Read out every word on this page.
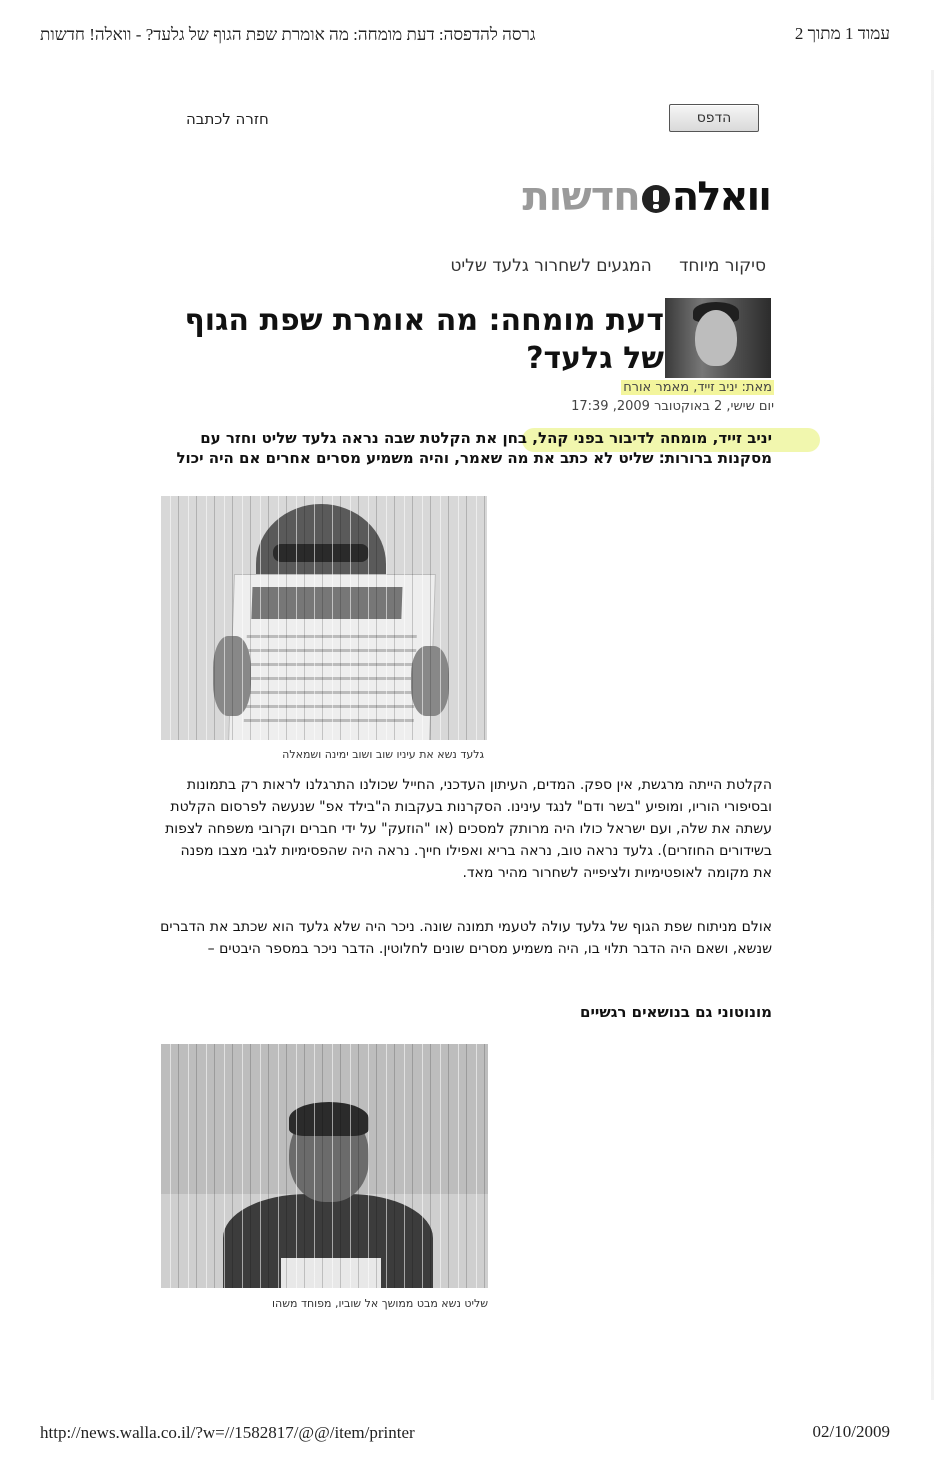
גרסה להדפסה: דעת מומחה: מה אומרת שפת הגוף של גלעד? - וואלה! חדשות	עמוד 1 מתוך 2
הדפס
חזרה לכתבה
וואלה
חדשות
סיקור מיוחד המגעים לשחרור גלעד שליט
דעת מומחה: מה אומרת שפת הגוף של גלעד?
מאת: יניב זייד, מאמר אורח
יום שישי, 2 באוקטובר 2009, 17:39
יניב זייד, מומחה לדיבור בפני קהל, בחן את הקלטת שבה נראה גלעד שליט וחזר עם מסקנות ברורות: שליט לא כתב את מה שאמר, והיה משמיע מסרים אחרים אם היה יכול
גלעד נשא את עיניו שוב ושוב ימינה ושמאלה
הקלטת הייתה מרגשת, אין ספק. המדים, העיתון העדכני, החייל שכולנו התרגלנו לראות רק בתמונות ובסיפורי הוריו, ומופיע "בשר ודם" לנגד עינינו. הסקרנות בעקבות ה"בילד אפ" שנעשה לפרסום הקלטת עשתה את שלה, ועם ישראל כולו היה מרותק למסכים (או "הוזעק" על ידי חברים וקרובי משפחה לצפות בשידורים החוזרים). גלעד נראה טוב, נראה בריא ואפילו חייך. נראה היה שהפסימיות לגבי מצבו מפנה את מקומה לאופטימיות ולציפייה לשחרור מהיר מאד.
אולם מניתוח שפת הגוף של גלעד עולה לטעמי תמונה שונה. ניכר היה שלא גלעד הוא שכתב את הדברים שנשא, ושאם היה הדבר תלוי בו, היה משמיע מסרים שונים לחלוטין. הדבר ניכר במספר היבטים –
מונוטוני גם בנושאים רגשיים
שליט נשא מבט ממושך אל שוביו, מפוחד משהו
http://news.walla.co.il/?w=//1582817/@@/item/printer	02/10/2009
